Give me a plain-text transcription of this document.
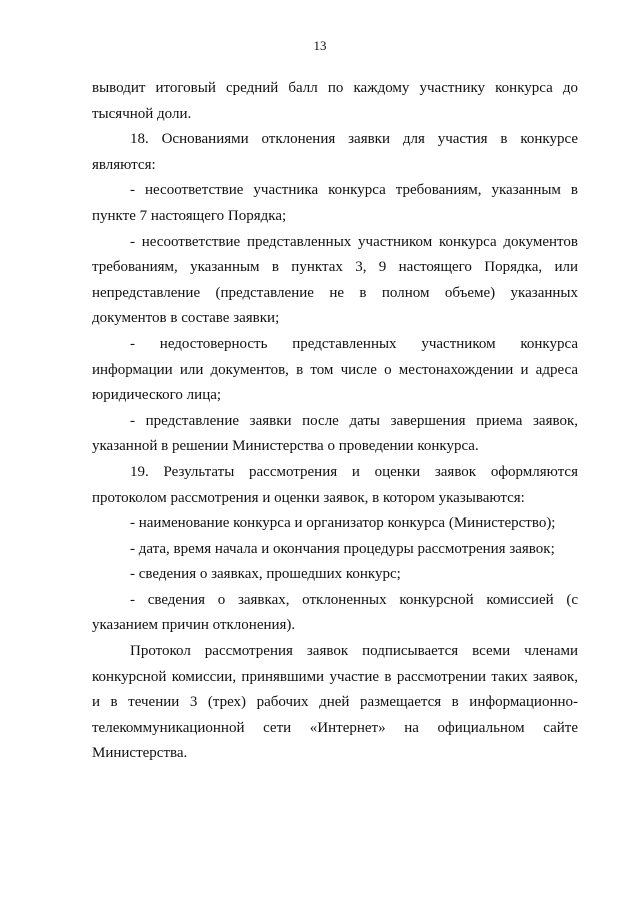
13

выводит итоговый средний балл по каждому участнику конкурса до тысячной доли.

18. Основаниями отклонения заявки для участия в конкурсе являются:

- несоответствие участника конкурса требованиям, указанным в пункте 7 настоящего Порядка;

- несоответствие представленных участником конкурса документов требованиям, указанным в пунктах 3, 9 настоящего Порядка, или непредставление (представление не в полном объеме) указанных документов в составе заявки;

- недостоверность представленных участником конкурса информации или документов, в том числе о местонахождении и адреса юридического лица;

- представление заявки после даты завершения приема заявок, указанной в решении Министерства о проведении конкурса.

19. Результаты рассмотрения и оценки заявок оформляются протоколом рассмотрения и оценки заявок, в котором указываются:

- наименование конкурса и организатор конкурса (Министерство);

- дата, время начала и окончания процедуры рассмотрения заявок;

- сведения о заявках, прошедших конкурс;

- сведения о заявках, отклоненных конкурсной комиссией (с указанием причин отклонения).

Протокол рассмотрения заявок подписывается всеми членами конкурсной комиссии, принявшими участие в рассмотрении таких заявок, и в течении 3 (трех) рабочих дней размещается в информационно-телекоммуникационной сети «Интернет» на официальном сайте Министерства.
